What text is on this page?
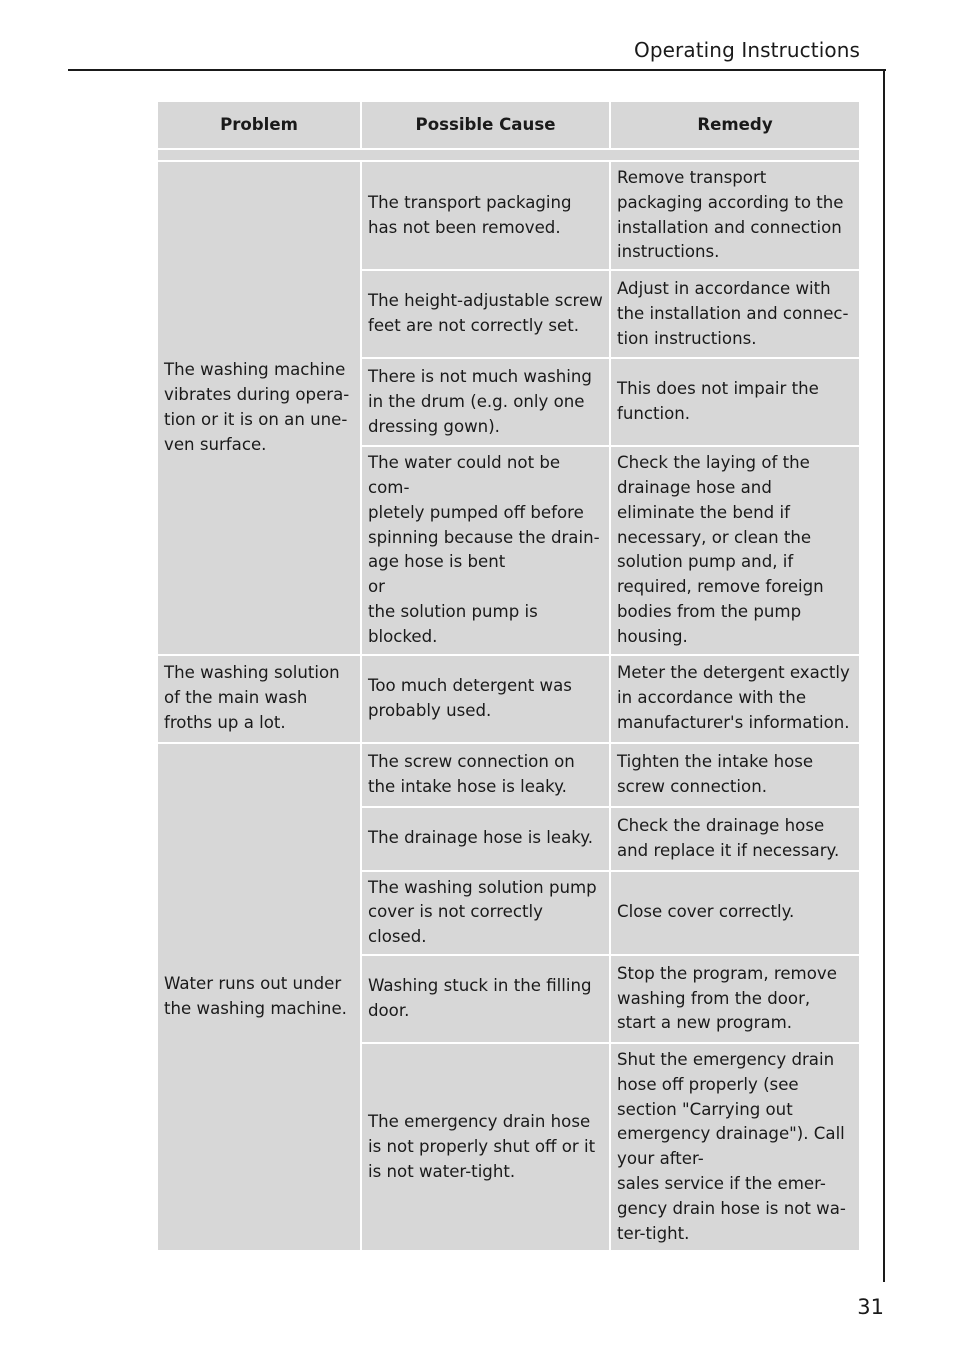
Operating Instructions
Problem	Possible Cause	Remedy

The washing machine vibrates during opera-
tion or it is on an une-
ven surface.	The transport packaging has not been removed.	Remove transport packaging according to the installation and connection instructions.
	The height-adjustable screw feet are not correctly set.	Adjust in accordance with the installation and connec-
tion instructions.
	There is not much washing in the drum (e.g. only one dressing gown).	This does not impair the function.
	The water could not be com-
pletely pumped off before spinning because the drain-
age hose is bent
or
the solution pump is blocked.	Check the laying of the drainage hose and eliminate the bend if necessary, or clean the solution pump and, if required, remove foreign bodies from the pump housing.
The washing solution of the main wash froths up a lot.	Too much detergent was probably used.	Meter the detergent exactly in accordance with the manufacturer's information.
Water runs out under the washing machine.	The screw connection on the intake hose is leaky.	Tighten the intake hose screw connection.
	The drainage hose is leaky.	Check the drainage hose and replace it if necessary.
	The washing solution pump cover is not correctly closed.	Close cover correctly.
	Washing stuck in the filling door.	Stop the program, remove washing from the door, start a new program.
	The emergency drain hose is not properly shut off or it is not water-tight.	Shut the emergency drain hose off properly (see section "Carrying out emergency drainage"). Call your after-
sales service if the emer-
gency drain hose is not wa-
ter-tight.
31
